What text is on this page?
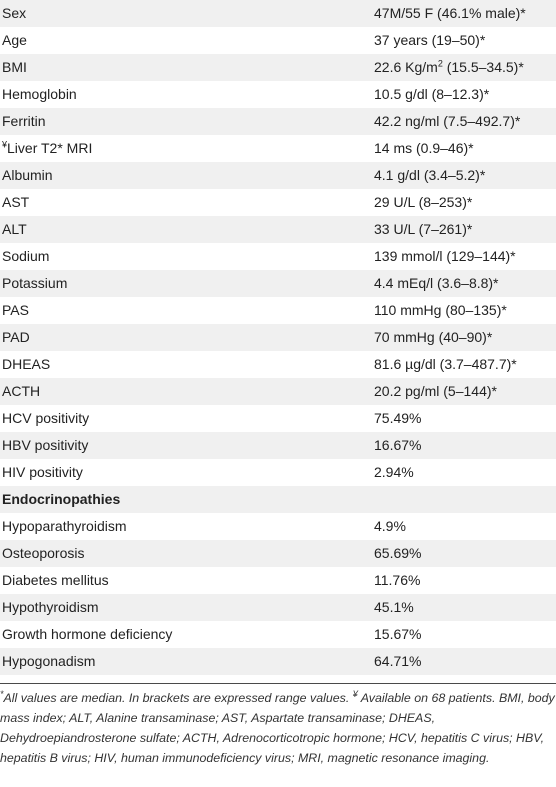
Sex	47M/55 F (46.1% male)*
Age	37 years (19–50)*
BMI	22.6 $Kg/m^2$ (15.5–34.5)*
Hemoglobin	10.5 g/dl (8–12.3)*
Ferritin	42.2 ng/ml (7.5–492.7)*
¥Liver T2* MRI	14 ms (0.9–46)*
Albumin	4.1 g/dl (3.4–5.2)*
AST	29 U/L (8–253)*
ALT	33 U/L (7–261)*
Sodium	139 mmol/l (129–144)*
Potassium	4.4 mEq/l (3.6–8.8)*
PAS	110 mmHg (80–135)*
PAD	70 mmHg (40–90)*
DHEAS	81.6 µg/dl (3.7–487.7)*
ACTH	20.2 pg/ml (5–144)*
HCV positivity	75.49%
HBV positivity	16.67%
HIV positivity	2.94%
Endocrinopathies	
Hypoparathyroidism	4.9%
Osteoporosis	65.69%
Diabetes mellitus	11.76%
Hypothyroidism	45.1%
Growth hormone deficiency	15.67%
Hypogonadism	64.71%
*All values are median. In brackets are expressed range values. ¥ Available on 68 patients. BMI, body mass index; ALT, Alanine transaminase; AST, Aspartate transaminase; DHEAS, Dehydroepiandrosterone sulfate; ACTH, Adrenocorticotropic hormone; HCV, hepatitis C virus; HBV, hepatitis B virus; HIV, human immunodeficiency virus; MRI, magnetic resonance imaging.
